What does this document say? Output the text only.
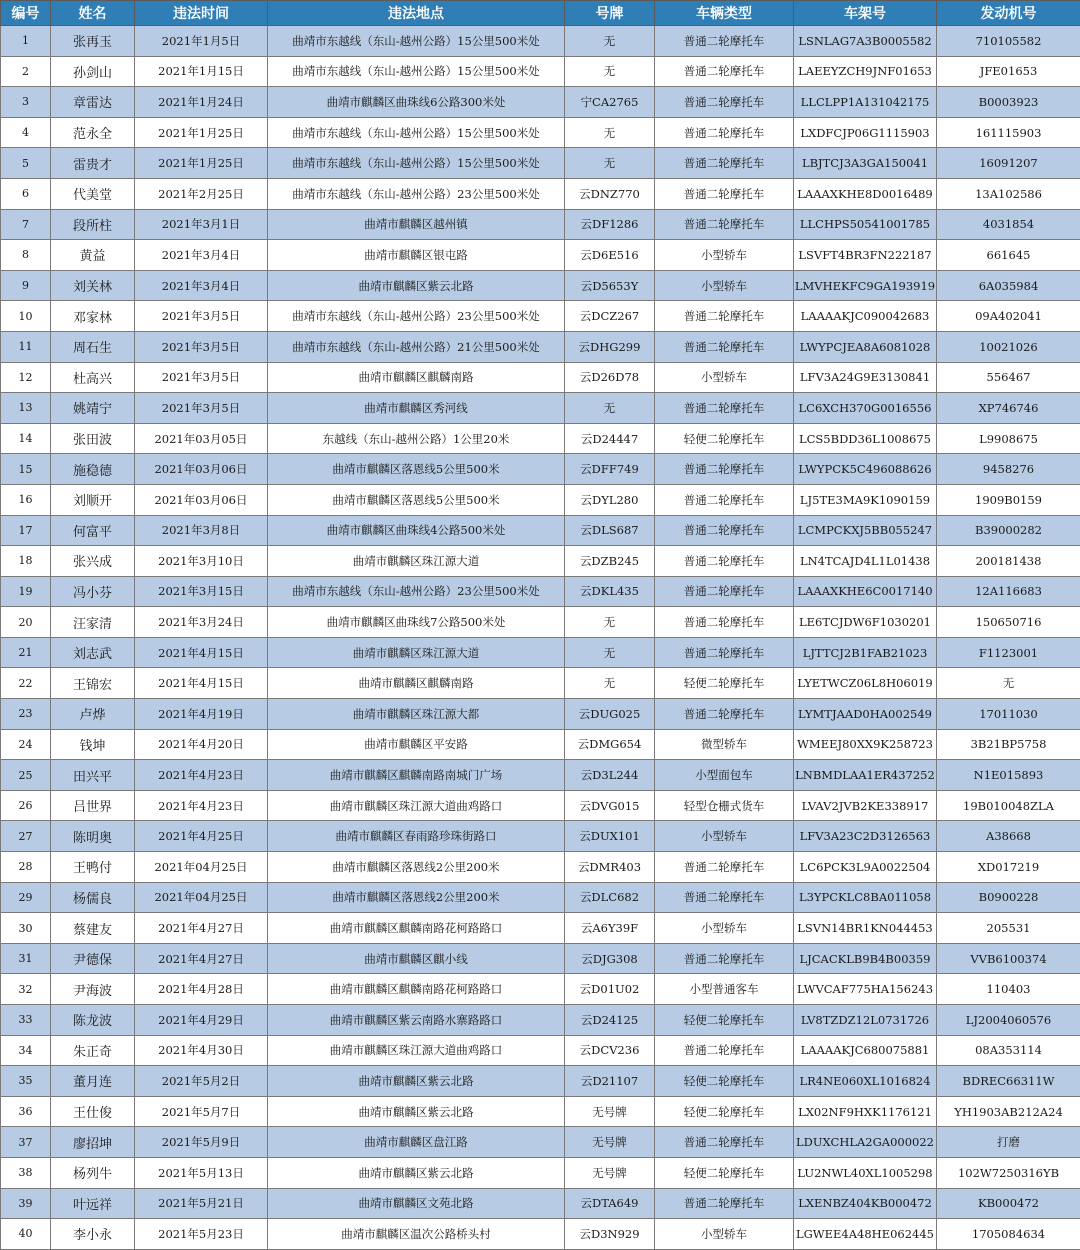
编号	姓名	违法时间	违法地点	号牌	车辆类型	车架号	发动机号
1	张再玉	2021年1月5日	曲靖市东越线（东山-越州公路）15公里500米处	无	普通二轮摩托车	LSNLAG7A3B0005582	710105582
2	孙剑山	2021年1月15日	曲靖市东越线（东山-越州公路）15公里500米处	无	普通二轮摩托车	LAEEYZCH9JNF01653	JFE01653
3	章雷达	2021年1月24日	曲靖市麒麟区曲珠线6公路300米处	宁CA2765	普通二轮摩托车	LLCLPP1A131042175	B0003923
4	范永全	2021年1月25日	曲靖市东越线（东山-越州公路）15公里500米处	无	普通二轮摩托车	LXDFCJP06G1115903	161115903
5	雷贵才	2021年1月25日	曲靖市东越线（东山-越州公路）15公里500米处	无	普通二轮摩托车	LBJTCJ3A3GA150041	16091207
6	代美堂	2021年2月25日	曲靖市东越线（东山-越州公路）23公里500米处	云DNZ770	普通二轮摩托车	LAAAXKHE8D0016489	13A102586
7	段所柱	2021年3月1日	曲靖市麒麟区越州镇	云DF1286	普通二轮摩托车	LLCHPS50541001785	4031854
8	黄益	2021年3月4日	曲靖市麒麟区银屯路	云D6E516	小型轿车	LSVFT4BR3FN222187	661645
9	刘关林	2021年3月4日	曲靖市麒麟区紫云北路	云D5653Y	小型轿车	LMVHEKFC9GA193919	6A035984
10	邓家林	2021年3月5日	曲靖市东越线（东山-越州公路）23公里500米处	云DCZ267	普通二轮摩托车	LAAAAKJC090042683	09A402041
11	周石生	2021年3月5日	曲靖市东越线（东山-越州公路）21公里500米处	云DHG299	普通二轮摩托车	LWYPCJEA8A6081028	10021026
12	杜高兴	2021年3月5日	曲靖市麒麟区麒麟南路	云D26D78	小型轿车	LFV3A24G9E3130841	556467
13	姚靖宁	2021年3月5日	曲靖市麒麟区秀河线	无	普通二轮摩托车	LC6XCH370G0016556	XP746746
14	张田波	2021年03月05日	东越线（东山-越州公路）1公里20米	云D24447	轻便二轮摩托车	LCS5BDD36L1008675	L9908675
15	施稳德	2021年03月06日	曲靖市麒麟区落恩线5公里500米	云DFF749	普通二轮摩托车	LWYPCK5C496088626	9458276
16	刘顺开	2021年03月06日	曲靖市麒麟区落恩线5公里500米	云DYL280	普通二轮摩托车	LJ5TE3MA9K1090159	1909B0159
17	何富平	2021年3月8日	曲靖市麒麟区曲珠线4公路500米处	云DLS687	普通二轮摩托车	LCMPCKXJ5BB055247	B39000282
18	张兴成	2021年3月10日	曲靖市麒麟区珠江源大道	云DZB245	普通二轮摩托车	LN4TCAJD4L1L01438	200181438
19	冯小芬	2021年3月15日	曲靖市东越线（东山-越州公路）23公里500米处	云DKL435	普通二轮摩托车	LAAAXKHE6C0017140	12A116683
20	汪家清	2021年3月24日	曲靖市麒麟区曲珠线7公路500米处	无	普通二轮摩托车	LE6TCJDW6F1030201	150650716
21	刘志武	2021年4月15日	曲靖市麒麟区珠江源大道	无	普通二轮摩托车	LJTTCJ2B1FAB21023	F1123001
22	王锦宏	2021年4月15日	曲靖市麒麟区麒麟南路	无	轻便二轮摩托车	LYETWCZ06L8H06019	无
23	卢烨	2021年4月19日	曲靖市麒麟区珠江源大都	云DUG025	普通二轮摩托车	LYMTJAAD0HA002549	17011030
24	钱坤	2021年4月20日	曲靖市麒麟区平安路	云DMG654	微型轿车	WMEEJ80XX9K258723	3B21BP5758
25	田兴平	2021年4月23日	曲靖市麒麟区麒麟南路南城门广场	云D3L244	小型面包车	LNBMDLAA1ER437252	N1E015893
26	吕世界	2021年4月23日	曲靖市麒麟区珠江源大道曲鸡路口	云DVG015	轻型仓栅式货车	LVAV2JVB2KE338917	19B010048ZLA
27	陈明奥	2021年4月25日	曲靖市麒麟区春雨路珍珠街路口	云DUX101	小型轿车	LFV3A23C2D3126563	A38668
28	王鸭付	2021年04月25日	曲靖市麒麟区落恩线2公里200米	云DMR403	普通二轮摩托车	LC6PCK3L9A0022504	XD017219
29	杨儒良	2021年04月25日	曲靖市麒麟区落恩线2公里200米	云DLC682	普通二轮摩托车	L3YPCKLC8BA011058	B0900228
30	蔡建友	2021年4月27日	曲靖市麒麟区麒麟南路花柯路路口	云A6Y39F	小型轿车	LSVN14BR1KN044453	205531
31	尹德保	2021年4月27日	曲靖市麒麟区麒小线	云DJG308	普通二轮摩托车	LJCACKLB9B4B00359	VVB6100374
32	尹海波	2021年4月28日	曲靖市麒麟区麒麟南路花柯路路口	云D01U02	小型普通客车	LWVCAF775HA156243	110403
33	陈龙波	2021年4月29日	曲靖市麒麟区紫云南路水寨路路口	云D24125	轻便二轮摩托车	LV8TZDZ12L0731726	LJ2004060576
34	朱正奇	2021年4月30日	曲靖市麒麟区珠江源大道曲鸡路口	云DCV236	普通二轮摩托车	LAAAAKJC680075881	08A353114
35	董月连	2021年5月2日	曲靖市麒麟区紫云北路	云D21107	轻便二轮摩托车	LR4NE060XL1016824	BDREC66311W
36	王仕俊	2021年5月7日	曲靖市麒麟区紫云北路	无号牌	轻便二轮摩托车	LX02NF9HXK1176121	YH1903AB212A24
37	廖招坤	2021年5月9日	曲靖市麒麟区盘江路	无号牌	普通二轮摩托车	LDUXCHLA2GA000022	打磨
38	杨列牛	2021年5月13日	曲靖市麒麟区紫云北路	无号牌	轻便二轮摩托车	LU2NWL40XL1005298	102W7250316YB
39	叶远祥	2021年5月21日	曲靖市麒麟区文苑北路	云DTA649	普通二轮摩托车	LXENBZ404KB000472	KB000472
40	李小永	2021年5月23日	曲靖市麒麟区温次公路桥头村	云D3N929	小型轿车	LGWEE4A48HE062445	1705084634
